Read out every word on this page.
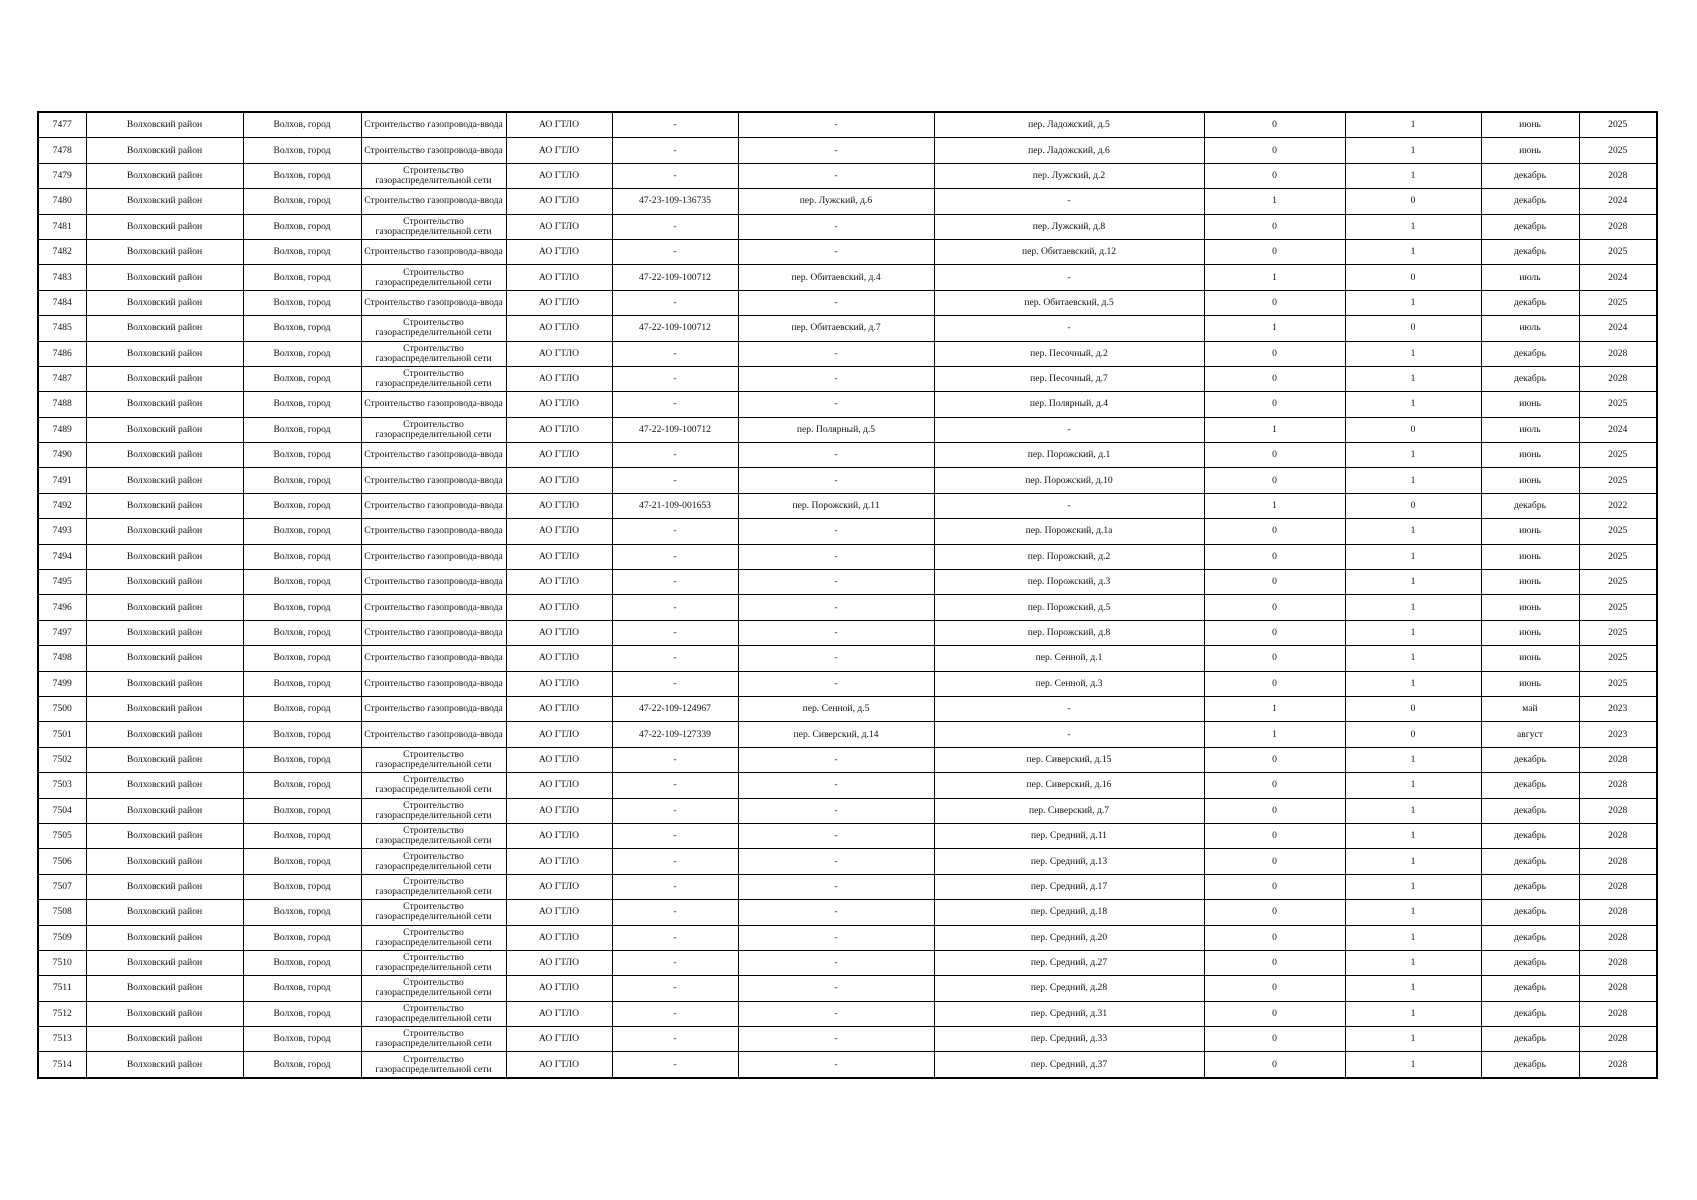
7477	Волховский район	Волхов, город	Строительство газопровода-ввода	АО ГТЛО	-	-	пер. Ладожский, д.5	0	1	июнь	2025
7478	Волховский район	Волхов, город	Строительство газопровода-ввода	АО ГТЛО	-	-	пер. Ладожский, д.6	0	1	июнь	2025
7479	Волховский район	Волхов, город	Строительство газораспределительной сети	АО ГТЛО	-	-	пер. Лужский, д.2	0	1	декабрь	2028
7480	Волховский район	Волхов, город	Строительство газопровода-ввода	АО ГТЛО	47-23-109-136735	пер. Лужский, д.6	-	1	0	декабрь	2024
7481	Волховский район	Волхов, город	Строительство газораспределительной сети	АО ГТЛО	-	-	пер. Лужский, д.8	0	1	декабрь	2028
7482	Волховский район	Волхов, город	Строительство газопровода-ввода	АО ГТЛО	-	-	пер. Обитаевский, д.12	0	1	декабрь	2025
7483	Волховский район	Волхов, город	Строительство газораспределительной сети	АО ГТЛО	47-22-109-100712	пер. Обитаевский, д.4	-	1	0	июль	2024
7484	Волховский район	Волхов, город	Строительство газопровода-ввода	АО ГТЛО	-	-	пер. Обитаевский, д.5	0	1	декабрь	2025
7485	Волховский район	Волхов, город	Строительство газораспределительной сети	АО ГТЛО	47-22-109-100712	пер. Обитаевский, д.7	-	1	0	июль	2024
7486	Волховский район	Волхов, город	Строительство газораспределительной сети	АО ГТЛО	-	-	пер. Песочный, д.2	0	1	декабрь	2028
7487	Волховский район	Волхов, город	Строительство газораспределительной сети	АО ГТЛО	-	-	пер. Песочный, д.7	0	1	декабрь	2028
7488	Волховский район	Волхов, город	Строительство газопровода-ввода	АО ГТЛО	-	-	пер. Полярный, д.4	0	1	июнь	2025
7489	Волховский район	Волхов, город	Строительство газораспределительной сети	АО ГТЛО	47-22-109-100712	пер. Полярный, д.5	-	1	0	июль	2024
7490	Волховский район	Волхов, город	Строительство газопровода-ввода	АО ГТЛО	-	-	пер. Порожский, д.1	0	1	июнь	2025
7491	Волховский район	Волхов, город	Строительство газопровода-ввода	АО ГТЛО	-	-	пер. Порожский, д.10	0	1	июнь	2025
7492	Волховский район	Волхов, город	Строительство газопровода-ввода	АО ГТЛО	47-21-109-001653	пер. Порожский, д.11	-	1	0	декабрь	2022
7493	Волховский район	Волхов, город	Строительство газопровода-ввода	АО ГТЛО	-	-	пер. Порожский, д.1а	0	1	июнь	2025
7494	Волховский район	Волхов, город	Строительство газопровода-ввода	АО ГТЛО	-	-	пер. Порожский, д.2	0	1	июнь	2025
7495	Волховский район	Волхов, город	Строительство газопровода-ввода	АО ГТЛО	-	-	пер. Порожский, д.3	0	1	июнь	2025
7496	Волховский район	Волхов, город	Строительство газопровода-ввода	АО ГТЛО	-	-	пер. Порожский, д.5	0	1	июнь	2025
7497	Волховский район	Волхов, город	Строительство газопровода-ввода	АО ГТЛО	-	-	пер. Порожский, д.8	0	1	июнь	2025
7498	Волховский район	Волхов, город	Строительство газопровода-ввода	АО ГТЛО	-	-	пер. Сенной, д.1	0	1	июнь	2025
7499	Волховский район	Волхов, город	Строительство газопровода-ввода	АО ГТЛО	-	-	пер. Сенной, д.3	0	1	июнь	2025
7500	Волховский район	Волхов, город	Строительство газопровода-ввода	АО ГТЛО	47-22-109-124967	пер. Сенной, д.5	-	1	0	май	2023
7501	Волховский район	Волхов, город	Строительство газопровода-ввода	АО ГТЛО	47-22-109-127339	пер. Сиверский, д.14	-	1	0	август	2023
7502	Волховский район	Волхов, город	Строительство газораспределительной сети	АО ГТЛО	-	-	пер. Сиверский, д.15	0	1	декабрь	2028
7503	Волховский район	Волхов, город	Строительство газораспределительной сети	АО ГТЛО	-	-	пер. Сиверский, д.16	0	1	декабрь	2028
7504	Волховский район	Волхов, город	Строительство газораспределительной сети	АО ГТЛО	-	-	пер. Сиверский, д.7	0	1	декабрь	2028
7505	Волховский район	Волхов, город	Строительство газораспределительной сети	АО ГТЛО	-	-	пер. Средний, д.11	0	1	декабрь	2028
7506	Волховский район	Волхов, город	Строительство газораспределительной сети	АО ГТЛО	-	-	пер. Средний, д.13	0	1	декабрь	2028
7507	Волховский район	Волхов, город	Строительство газораспределительной сети	АО ГТЛО	-	-	пер. Средний, д.17	0	1	декабрь	2028
7508	Волховский район	Волхов, город	Строительство газораспределительной сети	АО ГТЛО	-	-	пер. Средний, д.18	0	1	декабрь	2028
7509	Волховский район	Волхов, город	Строительство газораспределительной сети	АО ГТЛО	-	-	пер. Средний, д.20	0	1	декабрь	2028
7510	Волховский район	Волхов, город	Строительство газораспределительной сети	АО ГТЛО	-	-	пер. Средний, д.27	0	1	декабрь	2028
7511	Волховский район	Волхов, город	Строительство газораспределительной сети	АО ГТЛО	-	-	пер. Средний, д.28	0	1	декабрь	2028
7512	Волховский район	Волхов, город	Строительство газораспределительной сети	АО ГТЛО	-	-	пер. Средний, д.31	0	1	декабрь	2028
7513	Волховский район	Волхов, город	Строительство газораспределительной сети	АО ГТЛО	-	-	пер. Средний, д.33	0	1	декабрь	2028
7514	Волховский район	Волхов, город	Строительство газораспределительной сети	АО ГТЛО	-	-	пер. Средний, д.37	0	1	декабрь	2028
